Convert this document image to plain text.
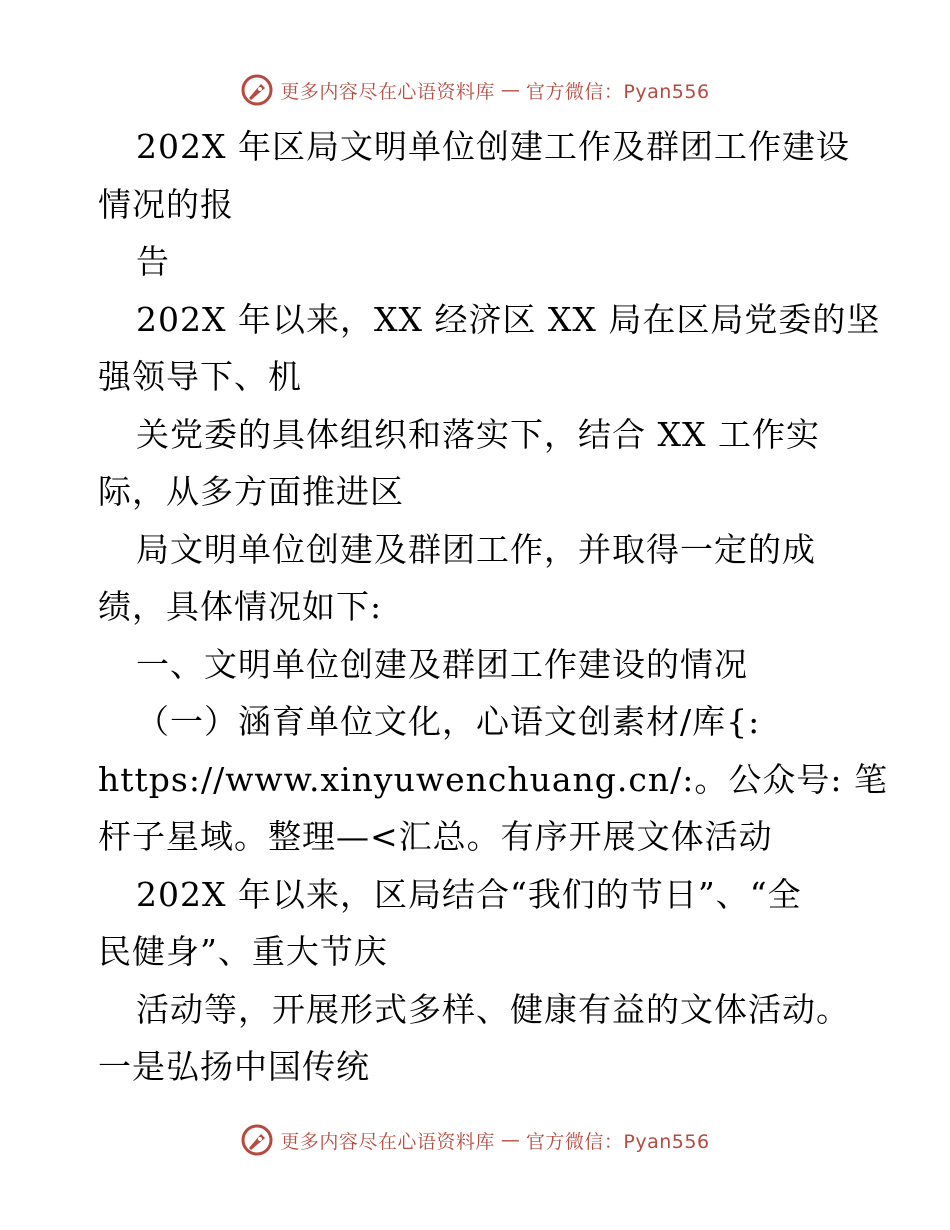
更多内容尽在心语资料库 — 官方微信：Pyan556
202X 年区局文明单位创建工作及群团工作建设
情况的报
告
202X 年以来，XX 经济区 XX 局在区局党委的坚
强领导下、机
关党委的具体组织和落实下，结合 XX 工作实
际，从多方面推进区
局文明单位创建及群团工作，并取得一定的成
绩，具体情况如下:
一、文明单位创建及群团工作建设的情况
（一）涵育单位文化，心语文创素材/库{:
https://www.xinyuwenchuang.cn/:。公众号: 笔
杆子星域。整理—<汇总。有序开展文体活动
202X 年以来，区局结合“我们的节日”、“全
民健身”、重大节庆
活动等，开展形式多样、健康有益的文体活动。
一是弘扬中国传统
更多内容尽在心语资料库 — 官方微信：Pyan556
